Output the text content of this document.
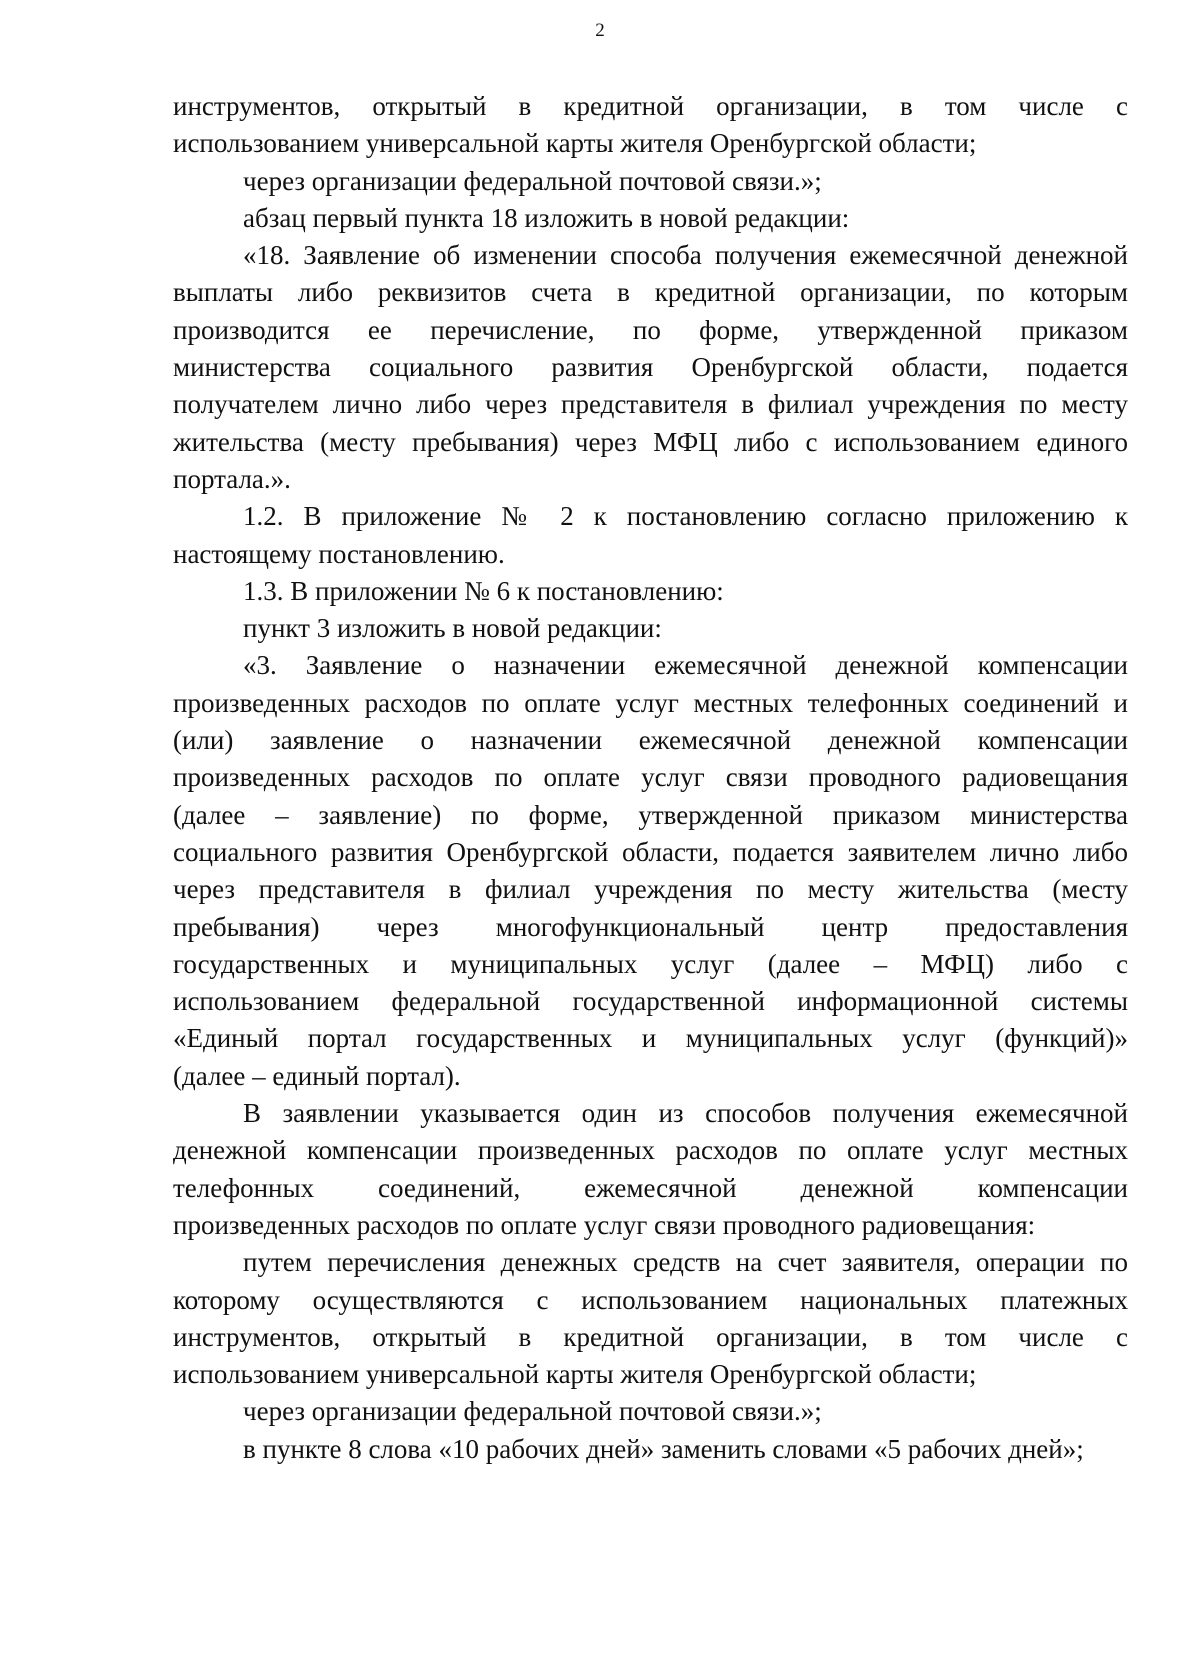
2
инструментов, открытый в кредитной организации, в том числе с
использованием универсальной карты жителя Оренбургской области;
через организации федеральной почтовой связи.»;
абзац первый пункта 18 изложить в новой редакции:
«18. Заявление об изменении способа получения ежемесячной денежной
выплаты либо реквизитов счета в кредитной организации, по которым
производится ее перечисление, по форме, утвержденной приказом
министерства социального развития Оренбургской области, подается
получателем лично либо через представителя в филиал учреждения по месту
жительства (месту пребывания) через МФЦ либо с использованием единого
портала.».
1.2. В приложение № 2 к постановлению согласно приложению к
настоящему постановлению.
1.3. В приложении № 6 к постановлению:
пункт 3 изложить в новой редакции:
«3. Заявление о назначении ежемесячной денежной компенсации
произведенных расходов по оплате услуг местных телефонных соединений и
(или) заявление о назначении ежемесячной денежной компенсации
произведенных расходов по оплате услуг связи проводного радиовещания
(далее – заявление) по форме, утвержденной приказом министерства
социального развития Оренбургской области, подается заявителем лично либо
через представителя в филиал учреждения по месту жительства (месту
пребывания) через многофункциональный центр предоставления
государственных и муниципальных услуг (далее – МФЦ) либо с
использованием федеральной государственной информационной системы
«Единый портал государственных и муниципальных услуг (функций)»
(далее – единый портал).
В заявлении указывается один из способов получения ежемесячной
денежной компенсации произведенных расходов по оплате услуг местных
телефонных соединений, ежемесячной денежной компенсации
произведенных расходов по оплате услуг связи проводного радиовещания:
путем перечисления денежных средств на счет заявителя, операции по
которому осуществляются с использованием национальных платежных
инструментов, открытый в кредитной организации, в том числе с
использованием универсальной карты жителя Оренбургской области;
через организации федеральной почтовой связи.»;
в пункте 8 слова «10 рабочих дней» заменить словами «5 рабочих дней»;
